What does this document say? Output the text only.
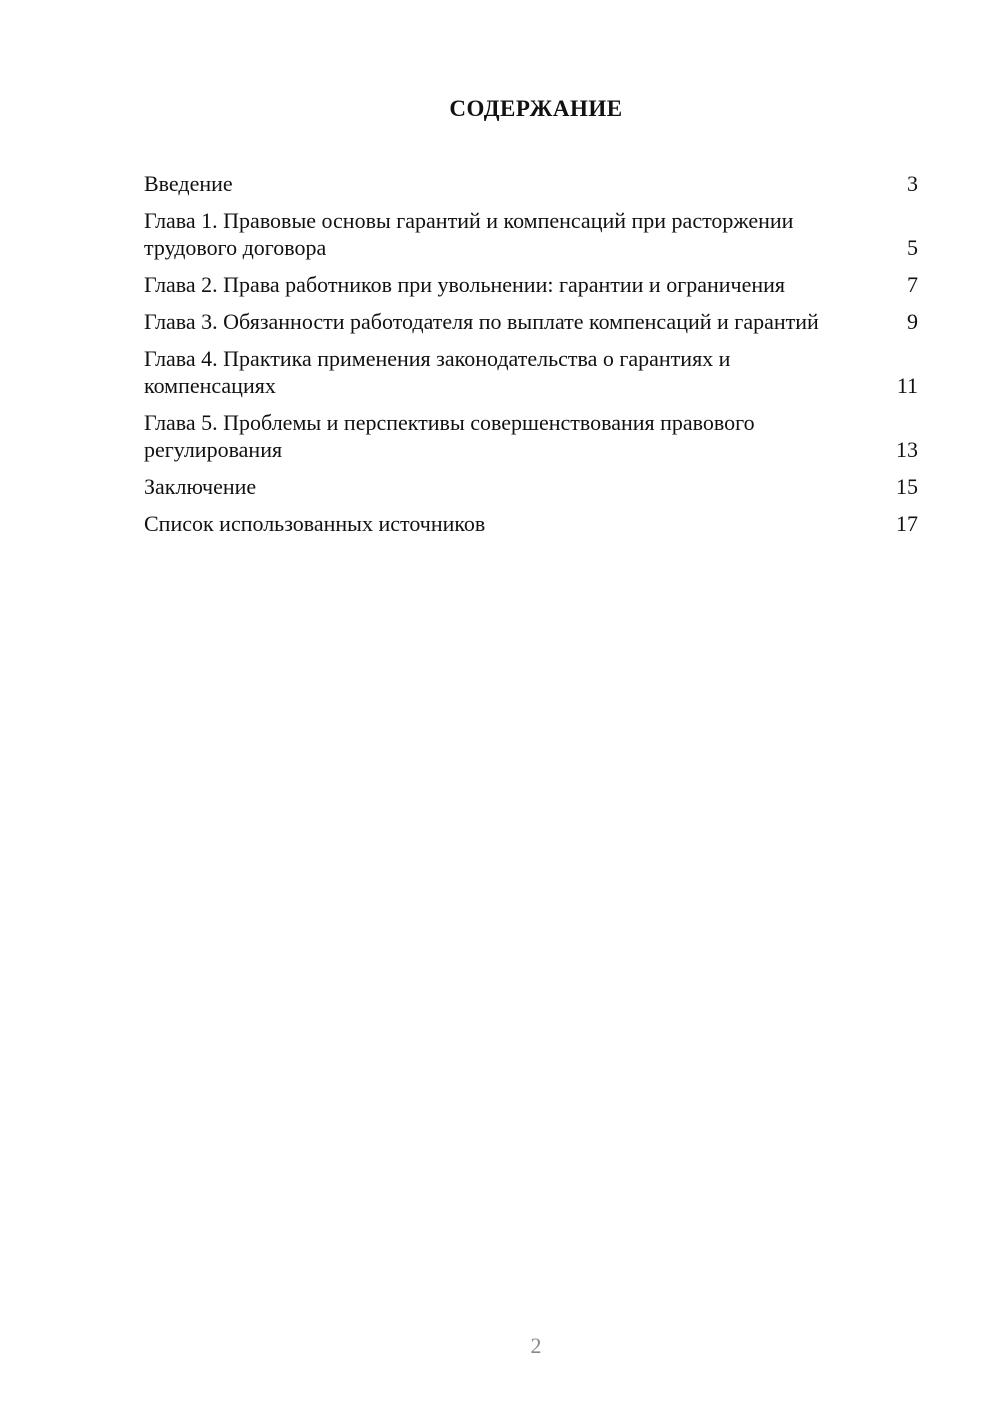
СОДЕРЖАНИЕ
Введение	3
Глава 1. Правовые основы гарантий и компенсаций при расторжении трудового договора	5
Глава 2. Права работников при увольнении: гарантии и ограничения	7
Глава 3. Обязанности работодателя по выплате компенсаций и гарантий	9
Глава 4. Практика применения законодательства о гарантиях и компенсациях	11
Глава 5. Проблемы и перспективы совершенствования правового регулирования	13
Заключение	15
Список использованных источников	17
2
